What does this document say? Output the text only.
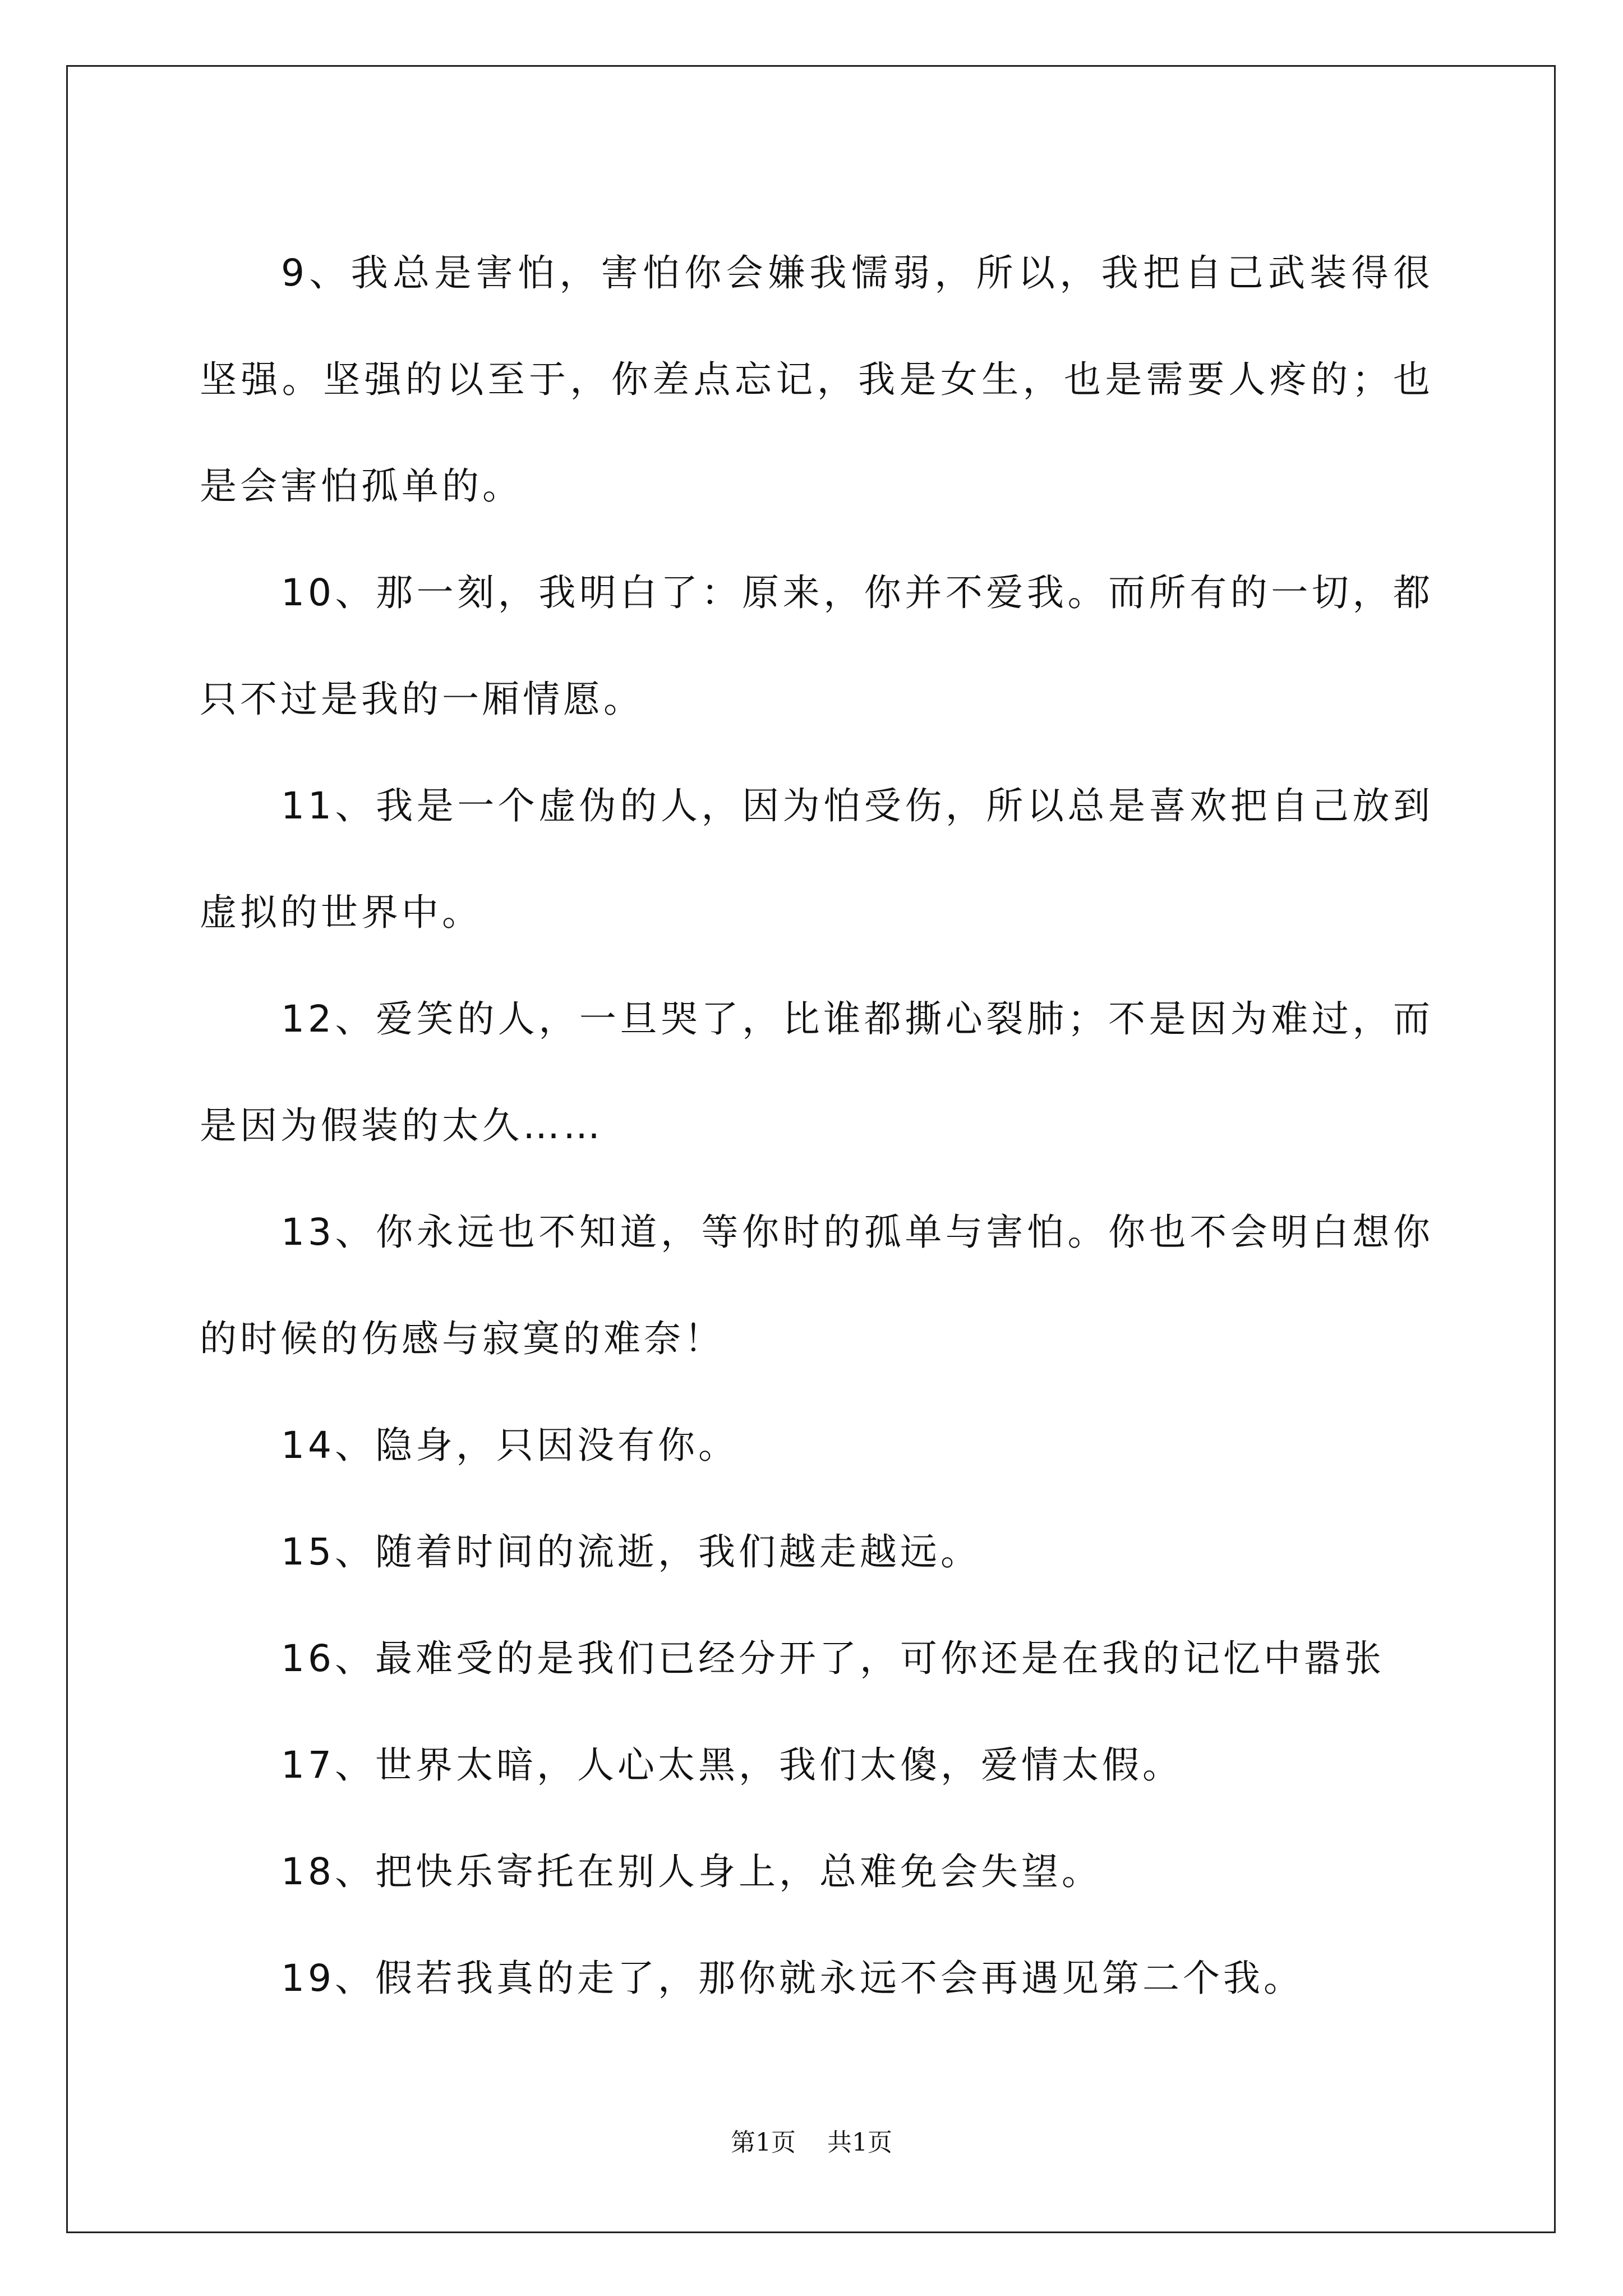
9、我总是害怕，害怕你会嫌我懦弱，所以，我把自己武装得很坚强。坚强的以至于，你差点忘记，我是女生，也是需要人疼的；也是会害怕孤单的。

10、那一刻，我明白了：原来，你并不爱我。而所有的一切，都只不过是我的一厢情愿。

11、我是一个虚伪的人，因为怕受伤，所以总是喜欢把自己放到虚拟的世界中。

12、爱笑的人，一旦哭了，比谁都撕心裂肺；不是因为难过，而是因为假装的太久……

13、你永远也不知道，等你时的孤单与害怕。你也不会明白想你的时候的伤感与寂寞的难奈！

14、隐身，只因没有你。

15、随着时间的流逝，我们越走越远。

16、最难受的是我们已经分开了，可你还是在我的记忆中嚣张

17、世界太暗，人心太黑，我们太傻，爱情太假。

18、把快乐寄托在别人身上，总难免会失望。

19、假若我真的走了，那你就永远不会再遇见第二个我。

第1页 共1页
